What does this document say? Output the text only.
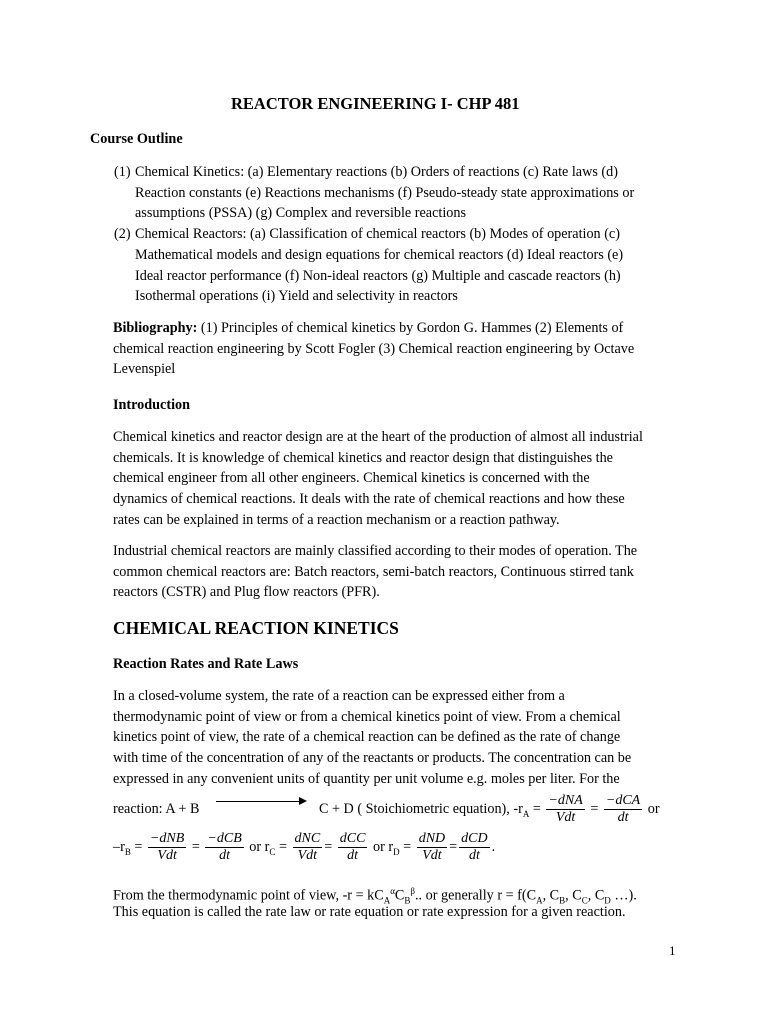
REACTOR ENGINEERING I- CHP 481
Course Outline
(1) Chemical Kinetics: (a) Elementary reactions (b) Orders of reactions (c) Rate laws (d)
Reaction constants (e) Reactions mechanisms (f) Pseudo-steady state approximations or
assumptions (PSSA) (g) Complex and reversible reactions
(2) Chemical Reactors: (a) Classification of chemical reactors (b) Modes of operation (c)
Mathematical models and design equations for chemical reactors (d) Ideal reactors (e)
Ideal reactor performance (f) Non-ideal reactors (g) Multiple and cascade reactors (h)
Isothermal operations (i) Yield and selectivity in reactors
Bibliography: (1) Principles of chemical kinetics by Gordon G. Hammes (2) Elements of
chemical reaction engineering by Scott Fogler (3) Chemical reaction engineering by Octave
Levenspiel
Introduction
Chemical kinetics and reactor design are at the heart of the production of almost all industrial
chemicals. It is knowledge of chemical kinetics and reactor design that distinguishes the
chemical engineer from all other engineers. Chemical kinetics is concerned with the
dynamics of chemical reactions. It deals with the rate of chemical reactions and how these
rates can be explained in terms of a reaction mechanism or a reaction pathway.
Industrial chemical reactors are mainly classified according to their modes of operation. The
common chemical reactors are: Batch reactors, semi-batch reactors, Continuous stirred tank
reactors (CSTR) and Plug flow reactors (PFR).
CHEMICAL REACTION KINETICS
Reaction Rates and Rate Laws
In a closed-volume system, the rate of a reaction can be expressed either from a
thermodynamic point of view or from a chemical kinetics point of view. From a chemical
kinetics point of view, the rate of a chemical reaction can be defined as the rate of change
with time of the concentration of any of the reactants or products. The concentration can be
expressed in any convenient units of quantity per unit volume e.g. moles per liter. For the
reaction: A + B	C + D ( Stoichiometric equation), $-r_A = \frac{\text{−dNA}}{\text{Vdt}} = \frac{\text{−dCA}}{dt}$ or
$-r_B = \frac{\text{−dNB}}{\text{Vdt}} = \frac{\text{−dCB}}{dt}$ or $r_C = \frac{\text{dNC}}{\text{Vdt}} = \frac{\text{dCC}}{dt}$ or $r_D = \frac{\text{dND}}{\text{Vdt}} = \frac{\text{dCD}}{dt}$ .
From the thermodynamic point of view, $-r = kC_A^\alpha C_B^\beta$.. or generally $r = f(C_A$, $C_B$, $C_C$, $C_D$ …).
This equation is called the rate law or rate equation or rate expression for a given reaction.
1
